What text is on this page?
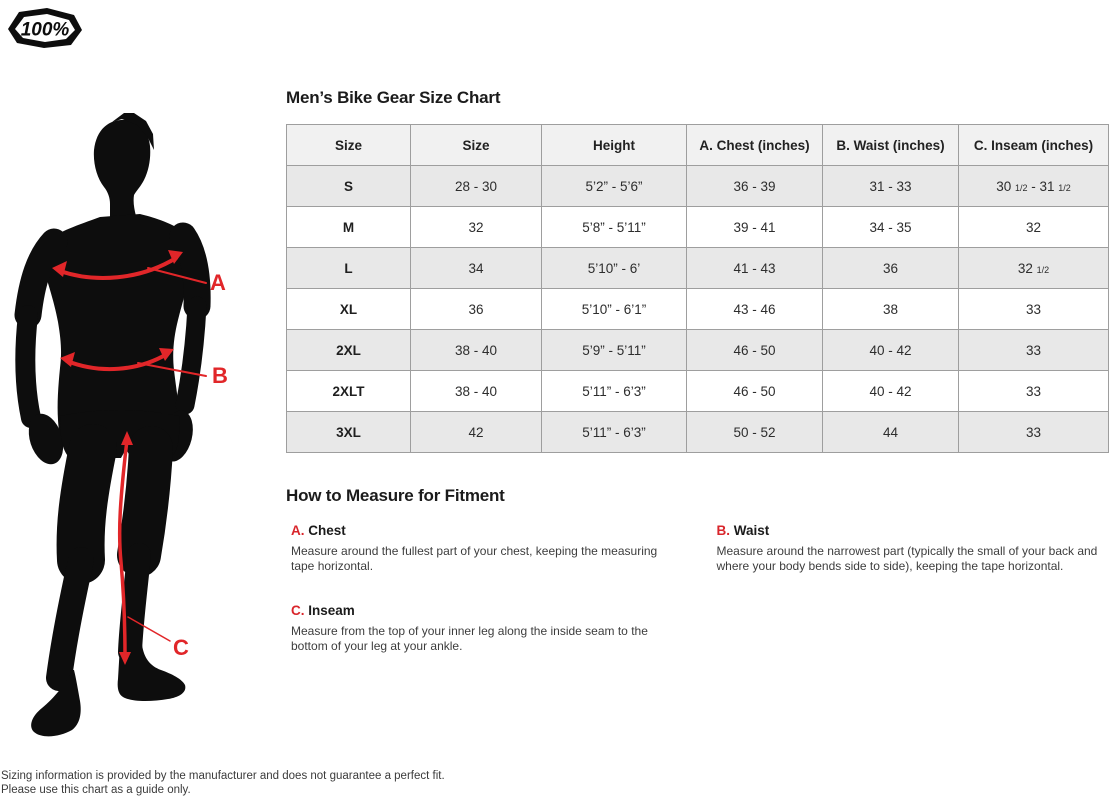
100%
A
B
C
Men’s Bike Gear Size Chart
Size	Size	Height	A. Chest (inches)	B. Waist (inches)	C. Inseam (inches)
S	28 - 30	5’2” - 5’6”	36 - 39	31 - 33	30 1/2 - 31 1/2
M	32	5’8” - 5’11”	39 - 41	34 - 35	32
L	34	5’10” - 6’	41 - 43	36	32 1/2
XL	36	5’10” - 6’1”	43 - 46	38	33
2XL	38 - 40	5’9” - 5’11”	46 - 50	40 - 42	33
2XLT	38 - 40	5’11” - 6’3”	46 - 50	40 - 42	33
3XL	42	5’11” - 6’3”	50 - 52	44	33
How to Measure for Fitment
A. Chest

Measure around the fullest part of your chest, keeping the measuring tape horizontal.

C. Inseam

Measure from the top of your inner leg along the inside seam to the bottom of your leg at your ankle.

B. Waist

Measure around the narrowest part (typically the small of your back and where your body bends side to side), keeping the tape horizontal.

Sizing information is provided by the manufacturer and does not guarantee a perfect fit.
Please use this chart as a guide only.
